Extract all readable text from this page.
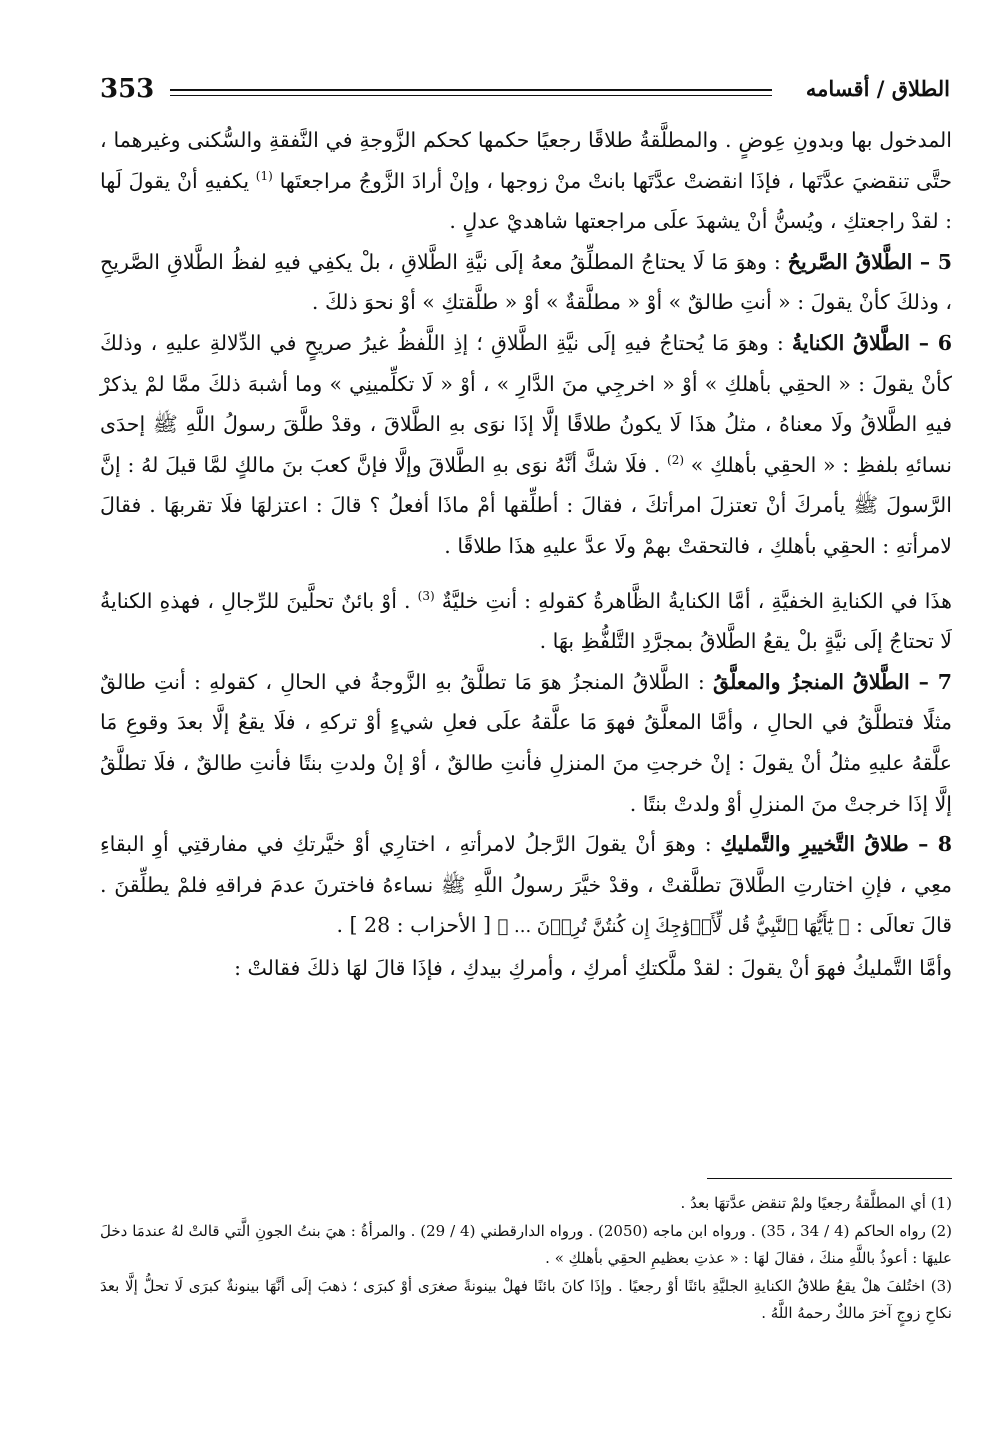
353	الطلاق / أقسامه

المدخول بها وبدونِ عِوضٍ . والمطلَّقةُ طلاقًا رجعيًا حكمها كحكم الزَّوجةِ في النَّفقةِ والسُّكنى وغيرهما ، حتَّى تنقضيَ عدَّتَها ، فإذَا انقضتْ عدَّتَها بانتْ منْ زوجها ، وإنْ أرادَ الزَّوجُ مراجعتَها $^{(1)}$ يكفيهِ أنْ يقولَ لَها : لقدْ راجعتكِ ، ويُسنُّ أنْ يشهدَ علَى مراجعتها شاهديْ عدلٍ .

5 – الطَّلاقُ الصَّريحُ : وهوَ مَا لَا يحتاجُ المطلِّقُ معهُ إلَى نيَّةِ الطَّلاقِ ، بلْ يكفِي فيهِ لفظُ الطَّلاقِ الصَّريحِ ، وذلكَ كأنْ يقولَ : « أنتِ طالقٌ » أوْ « مطلَّقةٌ » أوْ « طلَّقتكِ » أوْ نحوَ ذلكَ .

6 – الطَّلاقُ الكنايةُ : وهوَ مَا يُحتاجُ فيهِ إلَى نيَّةِ الطَّلاقِ ؛ إذِ اللَّفظُ غيرُ صريحٍ في الدِّلالةِ عليهِ ، وذلكَ كأنْ يقولَ : « الحقِي بأهلكِ » أوْ « اخرجِي منَ الدَّارِ » ، أوْ « لَا تكلِّمينِي » وما أشبهَ ذلكَ ممَّا لمْ يذكرْ فيهِ الطَّلاقُ ولَا معناهُ ، مثلُ هذَا لَا يكونُ طلاقًا إلَّا إذَا نوَى بهِ الطَّلاقَ ، وقدْ طلَّقَ رسولُ اللَّهِ ﷺ إحدَى نسائهِ بلفظِ : « الحقِي بأهلكِ » $^{(2)}$ . فلَا شكَّ أنَّهُ نوَى بهِ الطَّلاقَ وإلَّا فإنَّ كعبَ بنَ مالكٍ لمَّا قيلَ لهُ : إنَّ الرَّسولَ ﷺ يأمركَ أنْ تعتزلَ امرأتكَ ، فقالَ : أطلِّقها أمْ ماذَا أفعلُ ؟ قالَ : اعتزلهَا فلَا تقربهَا . فقالَ لامرأتهِ : الحقِي بأهلكِ ، فالتحقتْ بهمْ ولَا عدَّ عليهِ هذَا طلاقًا .

هذَا في الكنايةِ الخفيَّةِ ، أمَّا الكنايةُ الظَّاهرةُ كقولهِ : أنتِ خليَّةٌ $^{(3)}$ . أوْ بائنٌ تحلَّينَ للرِّجالِ ، فهذهِ الكنايةُ لَا تحتاجُ إلَى نيَّةٍ بلْ يقعُ الطَّلاقُ بمجرَّدِ التَّلفُّظِ بهَا .

7 – الطَّلاقُ المنجزُ والمعلَّقُ : الطَّلاقُ المنجزُ هوَ مَا تطلَّقُ بهِ الزَّوجةُ في الحالِ ، كقولهِ : أنتِ طالقٌ مثلًا فتطلَّقُ في الحالِ ، وأمَّا المعلَّقُ فهوَ مَا علَّقهُ علَى فعلِ شيءٍ أوْ تركهِ ، فلَا يقعُ إلَّا بعدَ وقوعِ مَا علَّقهُ عليهِ مثلُ أنْ يقولَ : إنْ خرجتِ منَ المنزلِ فأنتِ طالقٌ ، أوْ إنْ ولدتِ بنتًا فأنتِ طالقٌ ، فلَا تطلَّقُ إلَّا إذَا خرجتْ منَ المنزلِ أوْ ولدتْ بنتًا .

8 – طلاقُ التَّخييرِ والتَّمليكِ : وهوَ أنْ يقولَ الرَّجلُ لامرأتهِ ، اختارِي أوْ خيَّرتكِ في مفارقتِي أوِ البقاءِ معِي ، فإنِ اختارتِ الطَّلاقَ تطلَّقتْ ، وقدْ خيَّرَ رسولُ اللَّهِ ﷺ نساءهُ فاخترنَ عدمَ فراقهِ فلمْ يطلِّقنَ . قالَ تعالَى : ﴿ يَٰٓأَيُّهَا ٱلنَّبِيُّ قُل لِّأَزۡوَٰجِكَ إِن كُنتُنَّ تُرِدۡنَ ... ﴾ [ الأحزاب : 28 ] .

وأمَّا التَّمليكُ فهوَ أنْ يقولَ : لقدْ ملَّكتكِ أمركِ ، وأمركِ بيدكِ ، فإذَا قالَ لهَا ذلكَ فقالتْ :

(1) أي المطلَّقةُ رجعيًا ولمْ تنقض عدَّتهَا بعدُ .

(2) رواه الحاكم (4 / 34 ، 35) . ورواه ابن ماجه (2050) . ورواه الدارقطني (4 / 29) . والمرأةُ : هيَ بنتُ الجونِ الَّتي قالتْ لهُ عندمَا دخلَ عليهَا : أعوذُ باللَّهِ منكَ ، فقالَ لهَا : « عذتِ بعظيمِ الحقِي بأهلكِ » .

(3) اختُلفَ هلْ يقعُ طلاقُ الكنايةِ الجليَّةِ بائنًا أوْ رجعيًا . وإذَا كانَ بائنًا فهلْ بينونةً صغرَى أوْ كبرَى ؛ ذهبَ إلَى أنَّهَا بينونةٌ كبرَى لَا تحلُّ إلَّا بعدَ نكاحِ زوجٍ آخرَ مالكٌ رحمهُ اللَّهُ .
